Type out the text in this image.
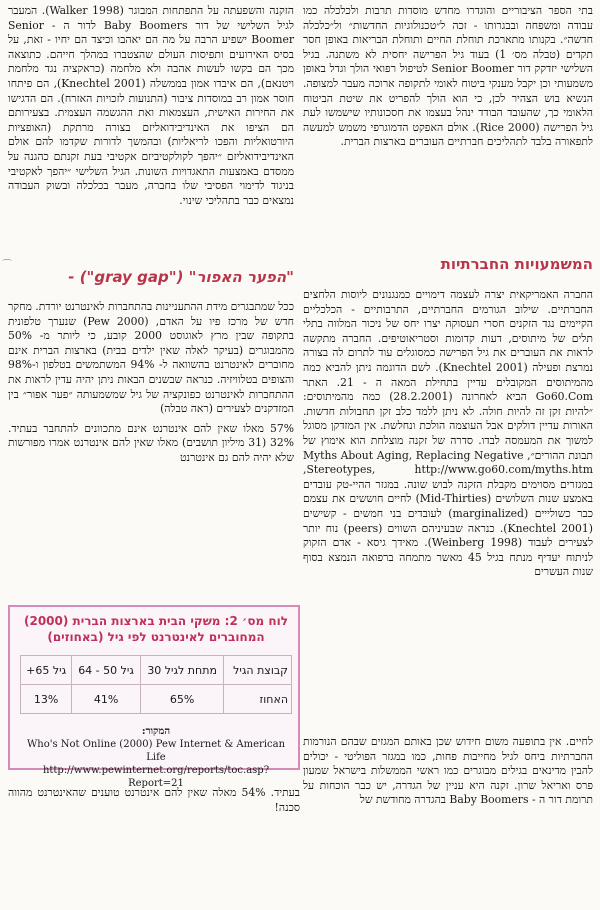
בתי הספר הציבוריים והוגדרו מחדש מוסדות תרבות ולכלכלה כמו עבודה ומשפחה ובבגרותו - זכה ל״טכנולוגיות החדשות״ ול״כלכלה חדשה״. בקנותו מתארכת תוחלת החיים ותוחלת הבריאות באופן חסר תקדים (טבלה מס׳ 1) בעוד גיל הפרישה יחסית לא משתנה. בגיל השלישי יזדקק דור Senior Boomer לטיפול רפואי הולך וגדל באופן משמעותי וכן יקבל מענקי ביטוח לאומי לתקופה ארוכה מעבר למצופה. הנשיא בוש הצהיר לכן, כי הוא הולך להפריט את שיטת הביטוח הלאומי כך, שהעובד הבודד ינהל בעצמו את חסכונותיו שישמשו לעת גיל הפרישה (Rice 2000). אולם האפקט הדמוגרפי משמש למעשה לתפאורה בלבד לתהליכים חברתיים העוברים בארצות הברית.

הזקנה והשפעתה על התפתחות המבוגר (Walker 1998). המעבר לגיל השלישי של דור Baby Boomers לדור ה - Senior Boomer ישפיע הרבה על מה הם יאהבו וכיצד הם יחיו - זאת, על בסיס האירועים ותפיסות העולם שהצטברו במהלך חייהם. כתוצאה מכך הם בקשו לעשות אהבה ולא מלחמה (כראקציה נגד מלחמת ויטנאם), הם איבדו אמון בממשלה (Knechtel 2001), הם פיתחו חוסר אמון רב במוסדות ציבור (התנועות לזכויות האזרח). הם הדגישו את החירות האישית, העצמאות ואת ההגשמה העצמית. בצעירותם הם הציפו את האינדיבידואליזם בצורה מרתקת (האופציות היורטואליות והפכו לריאליות) ובהמשך לדורות שקדמו להם אולם האינדיבידואליזם ״יהפך לקולקטיביזם אקטיבי בעת זקנתם כהגנה על ממסדם באמצעות התאגדויות השונות. הגיל השלישי ״יהפך לאקטיבי בניגוד לדימוי הפסיבי שלו בחברה, מעבר בכלכלה ובשוק העבודה נמצאים כבר בתהליכי שינוי.

⌒	המשמעויות החברתיות
"הפער האפור" ("gray gap") -

החברה האמריקאית יצרה לעצמה דימויים כמנגנונים ליוסות הלחצים החברתיים. שילוב הגורמים החברתיים, התרבותיים - הכלכליים הקיימים נגד הזקנים חסרי תעסוקה יצרו יחס של ניכור המלווה בתלי תלים של מיתוסים, דעות קדומות וסטריאוטיפים. החברה מתקשה לראות את העוברים את גיל הפרישה כמסוגלים עוד לתרום לה בצורה נמרצת ופעילה (Knechtel 2001). לשם הדוגמה ניתן להביא כמה מהמיתוסים המקובלים עדיין בתחילת המאה ה - 21. האתר Go60.Com הביא לאחרונה (28.2.2001) כמה מהמיתוסים: ״להיות זקן זה להיות חולה. לא ניתן ללמד כלב זקן תחבולות חדשות. האורות עדיין דולקים אבל העוצמה הולכת ונחלשת. אין המזדקן מסוגל למשוך את המעמסה לבדו. סדרה של זקנה מוצלחת הוא אימוץ של תבונת ההורים״, Myths About Aging, Replacing Negative Stereotypes, http://www.go60.com/myths.htm, במגזרים מסוימים מקבלת הזקנה לבוש שונה. במגזר ההיי-טק עובדים באמצע שנות השלושים (Mid-Thirties) לחיים חוששים את עצמם כבר כשולייים (marginalized) לעובדים בני חמשים - קשישים (Knechtel 2001). כנראה שבעיניהם השווים (peers) נוח יותר לצעירים לעבוד (Weinberg 1998). מאידך גיסא - אדם הזקוק לניתוח יעדיף מנתח בגיל 45 מאשר מתמחה ברפואה הנמצא בסוף שנות העשרים

ככל שמתבגרים מידת ההתעניינות בהתחברות לאינטרנט יורדת. מחקר חדש של מרכז פיו על האדם, (Pew 2000) שנערך טלפונית בתקופה שבין מרץ לאוגוסט 2000 קובע, כי ליותר מ- 50% מהמבוגרים (בעיקר לאלה שאין ילדים בבית) בארצות הברית אינם מחוברים לאינטרנט בהשוואה ל- 94% המשתמשים בטלפון ו-98% והצופים בטלוויזיה. כנראה שבשנים הבאות ניתן יהיה עדין לראות את ההתחברות לאינטרנט כפונקציה של גיל שמשמעותה ״פער אפור״ בין המזדקנים לצעירים (ראה טבלה)

57% מאלו שאין להם אינטרנט אינם מתכוונים להתחבר בעתיד. 32% (31 מיליון תושבים) מאלו שאין להם אינטרנט אמרו מפורשות שלא יהיה להם גם אינטרנט

לוח מס׳ 2: משקי הבית בארצות הברית (2000) המחוברים לאינטרנט לפי גיל (באחוזים)
קבוצת הגיל	מתחת לגיל 30	גיל 50 - 64	גיל 65+
האחוז	65%	41%	13%
המקור:
Who's Not Online (2000) Pew Internet & American Life
http://www.pewinternet.org/reports/toc.asp?Report=21

בעתיד. 54% מאלה שאין להם אינטרנט טוענים שהאינטרנט מהווה סכנה!

לחיים. אין בתופעה משום חידוש שכן באותם המגזים שבהם הנורמות החברתיות ביחס לגיל מחייבות פחות, כמו במגזר הפוליטי - יכולים להבין מדינאים בגילים מבוגרים כמו ראשי הממשלות בישראל שמעון פרס ואריאל שרון. זקנה היא עניין של הגדרה, יש כבר הוכחות על תרומת דור ה - Baby Boomers בהגדרה מחודשת של
